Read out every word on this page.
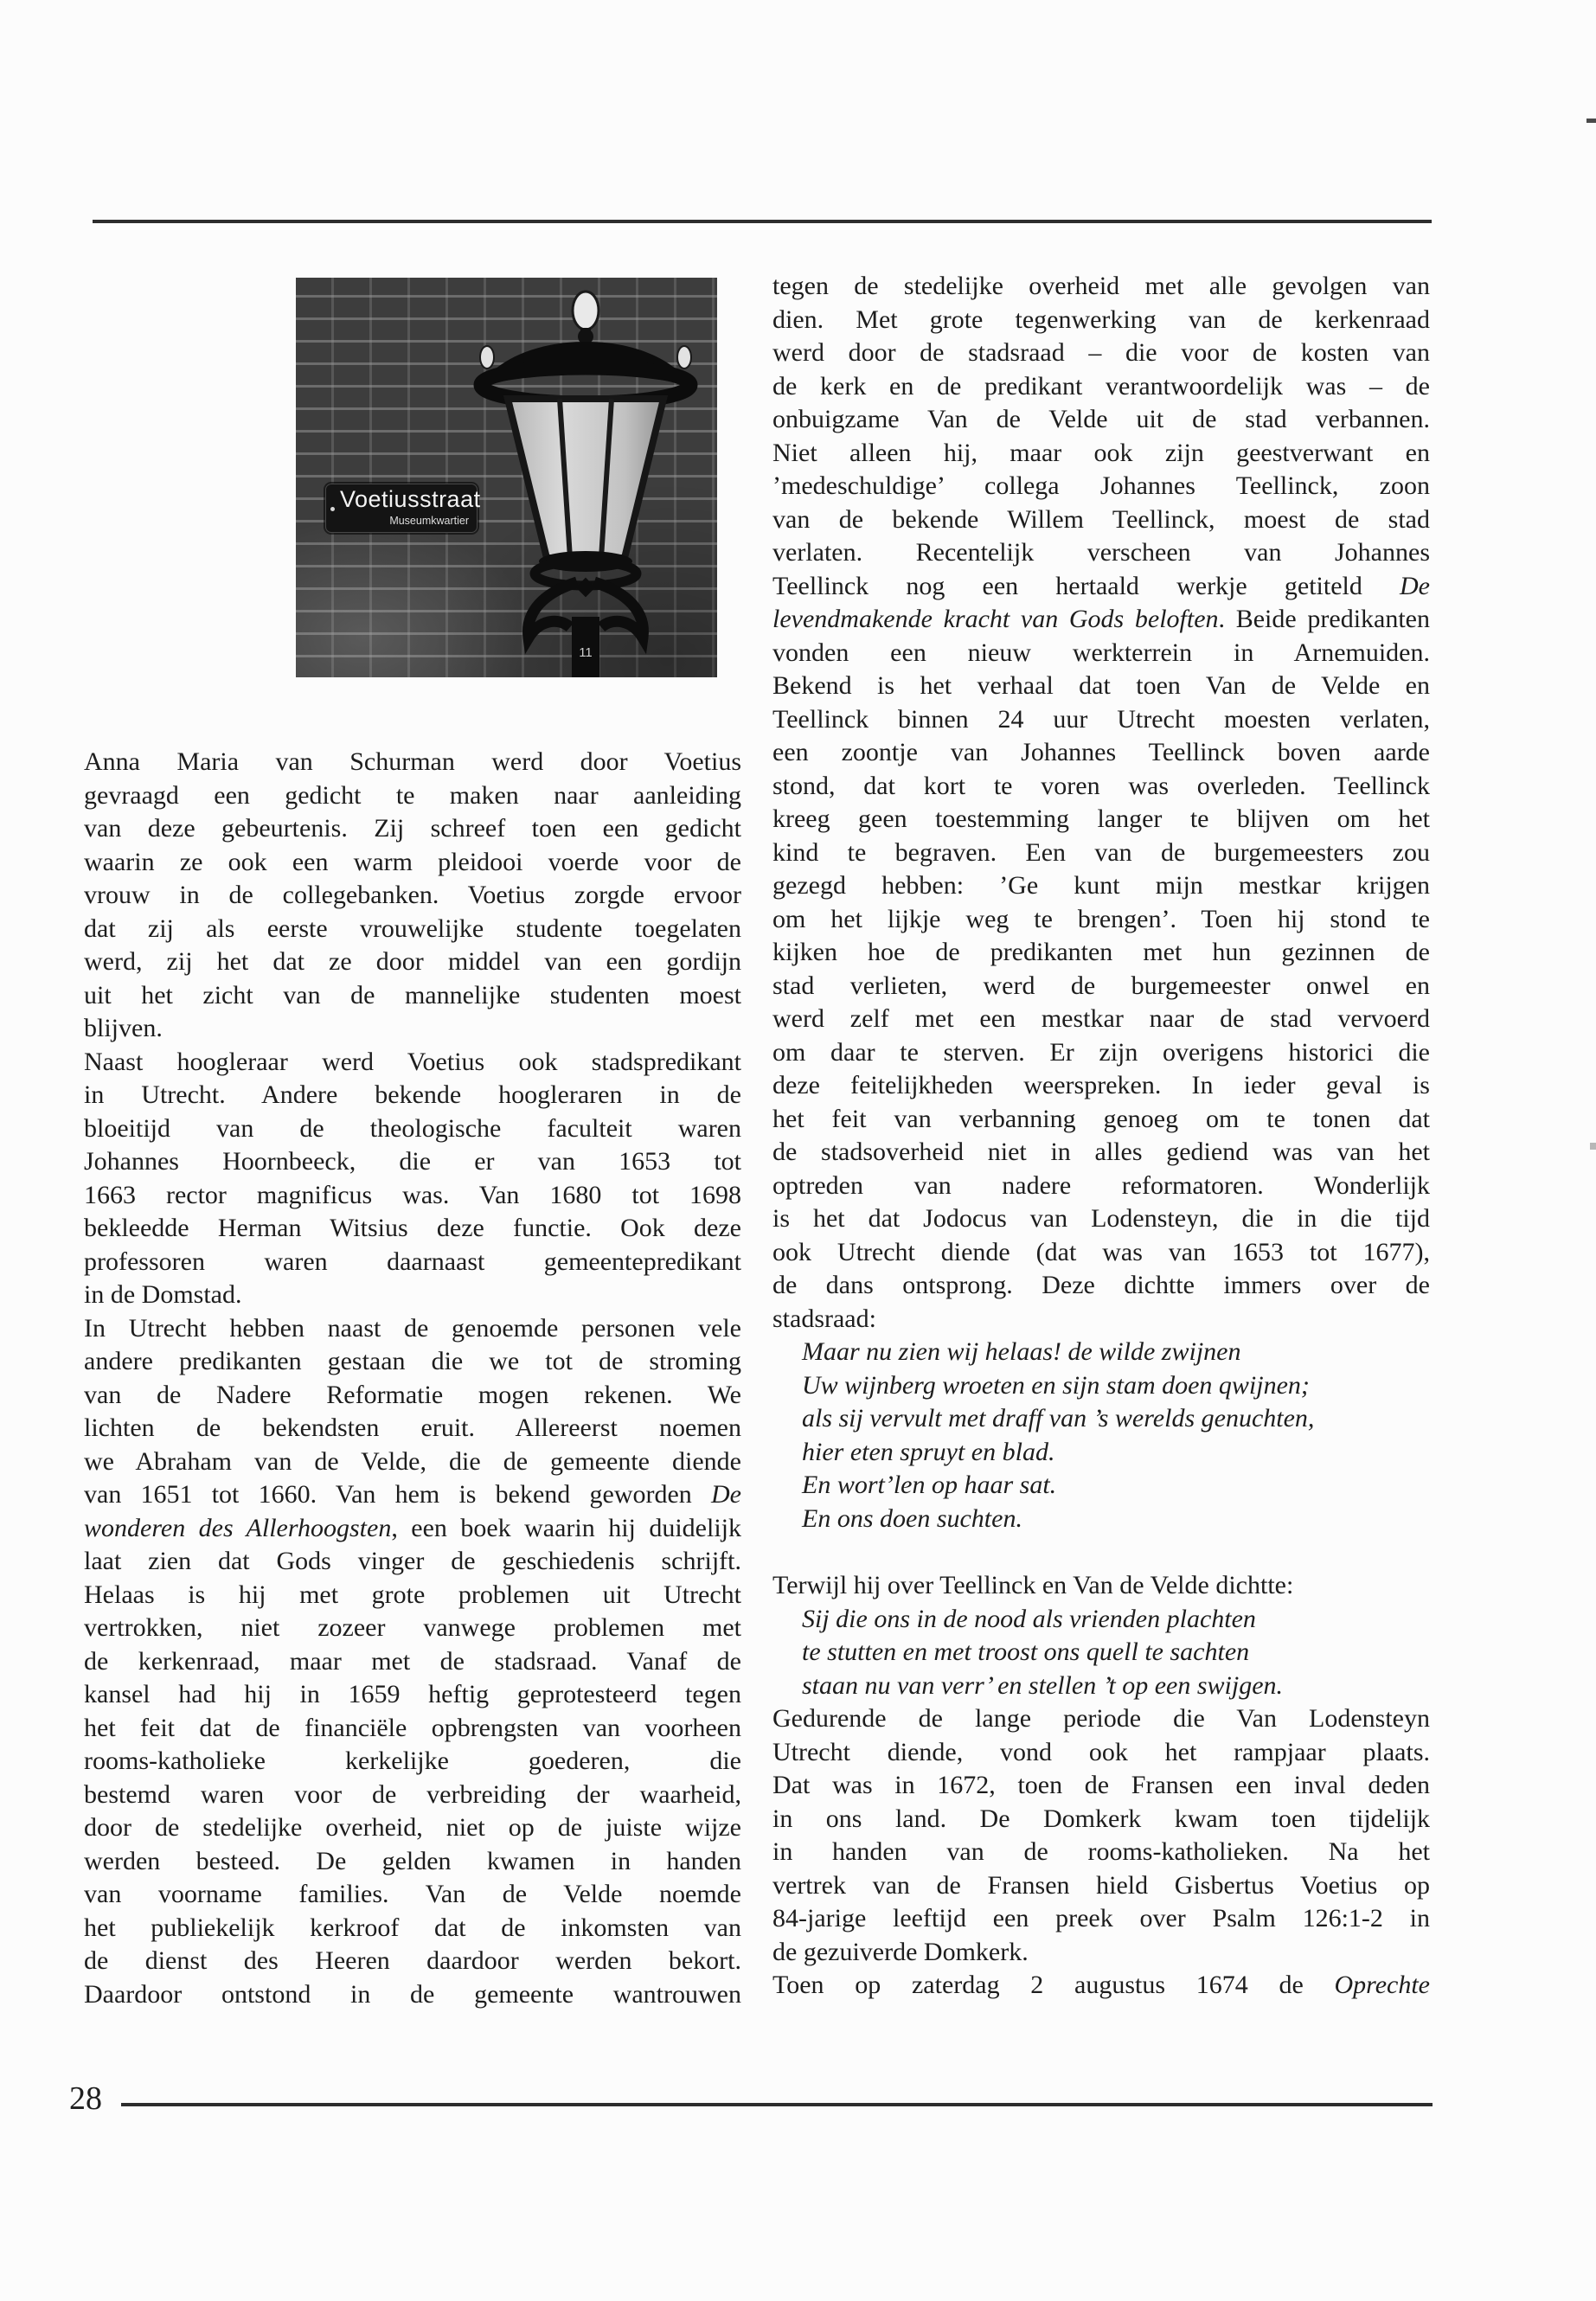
11
Voetiusstraat
Museumkwartier
Anna Maria van Schurman werd door Voetius
gevraagd een gedicht te maken naar aanleiding
van deze gebeurtenis. Zij schreef toen een gedicht
waarin ze ook een warm pleidooi voerde voor de
vrouw in de collegebanken. Voetius zorgde ervoor
dat zij als eerste vrouwelijke studente toegelaten
werd, zij het dat ze door middel van een gordijn
uit het zicht van de mannelijke studenten moest
blijven.
Naast hoogleraar werd Voetius ook stadspredikant
in Utrecht. Andere bekende hoogleraren in de
bloeitijd van de theologische faculteit waren
Johannes Hoornbeeck, die er van 1653 tot
1663 rector magnificus was. Van 1680 tot 1698
bekleedde Herman Witsius deze functie. Ook deze
professoren waren daarnaast gemeentepredikant
in de Domstad.
In Utrecht hebben naast de genoemde personen vele
andere predikanten gestaan die we tot de stroming
van de Nadere Reformatie mogen rekenen. We
lichten de bekendsten eruit. Allereerst noemen
we Abraham van de Velde, die de gemeente diende
van 1651 tot 1660. Van hem is bekend geworden De
wonderen des Allerhoogsten, een boek waarin hij duidelijk
laat zien dat Gods vinger de geschiedenis schrijft.
Helaas is hij met grote problemen uit Utrecht
vertrokken, niet zozeer vanwege problemen met
de kerkenraad, maar met de stadsraad. Vanaf de
kansel had hij in 1659 heftig geprotesteerd tegen
het feit dat de financiële opbrengsten van voorheen
rooms-katholieke kerkelijke goederen, die
bestemd waren voor de verbreiding der waarheid,
door de stedelijke overheid, niet op de juiste wijze
werden besteed. De gelden kwamen in handen
van voorname families. Van de Velde noemde
het publiekelijk kerkroof dat de inkomsten van
de dienst des Heeren daardoor werden bekort.
Daardoor ontstond in de gemeente wantrouwen
tegen de stedelijke overheid met alle gevolgen van
dien. Met grote tegenwerking van de kerkenraad
werd door de stadsraad – die voor de kosten van
de kerk en de predikant verantwoordelijk was – de
onbuigzame Van de Velde uit de stad verbannen.
Niet alleen hij, maar ook zijn geestverwant en
’medeschuldige’ collega Johannes Teellinck, zoon
van de bekende Willem Teellinck, moest de stad
verlaten. Recentelijk verscheen van Johannes
Teellinck nog een hertaald werkje getiteld De
levendmakende kracht van Gods beloften. Beide predikanten
vonden een nieuw werkterrein in Arnemuiden.
Bekend is het verhaal dat toen Van de Velde en
Teellinck binnen 24 uur Utrecht moesten verlaten,
een zoontje van Johannes Teellinck boven aarde
stond, dat kort te voren was overleden. Teellinck
kreeg geen toestemming langer te blijven om het
kind te begraven. Een van de burgemeesters zou
gezegd hebben: ’Ge kunt mijn mestkar krijgen
om het lijkje weg te brengen’. Toen hij stond te
kijken hoe de predikanten met hun gezinnen de
stad verlieten, werd de burgemeester onwel en
werd zelf met een mestkar naar de stad vervoerd
om daar te sterven. Er zijn overigens historici die
deze feitelijkheden weerspreken. In ieder geval is
het feit van verbanning genoeg om te tonen dat
de stadsoverheid niet in alles gediend was van het
optreden van nadere reformatoren. Wonderlijk
is het dat Jodocus van Lodensteyn, die in die tijd
ook Utrecht diende (dat was van 1653 tot 1677),
de dans ontsprong. Deze dichtte immers over de
stadsraad:
Maar nu zien wij helaas! de wilde zwijnen
Uw wijnberg wroeten en sijn stam doen qwijnen;
als sij vervult met draff van ’s werelds genuchten,
hier eten spruyt en blad.
En wort’len op haar sat.
En ons doen suchten.
Terwijl hij over Teellinck en Van de Velde dichtte:
Sij die ons in de nood als vrienden plachten
te stutten en met troost ons quell te sachten
staan nu van verr’ en stellen ’t op een swijgen.
Gedurende de lange periode die Van Lodensteyn
Utrecht diende, vond ook het rampjaar plaats.
Dat was in 1672, toen de Fransen een inval deden
in ons land. De Domkerk kwam toen tijdelijk
in handen van de rooms-katholieken. Na het
vertrek van de Fransen hield Gisbertus Voetius op
84-jarige leeftijd een preek over Psalm 126:1-2 in
de gezuiverde Domkerk.
Toen op zaterdag 2 augustus 1674 de Oprechte
28
